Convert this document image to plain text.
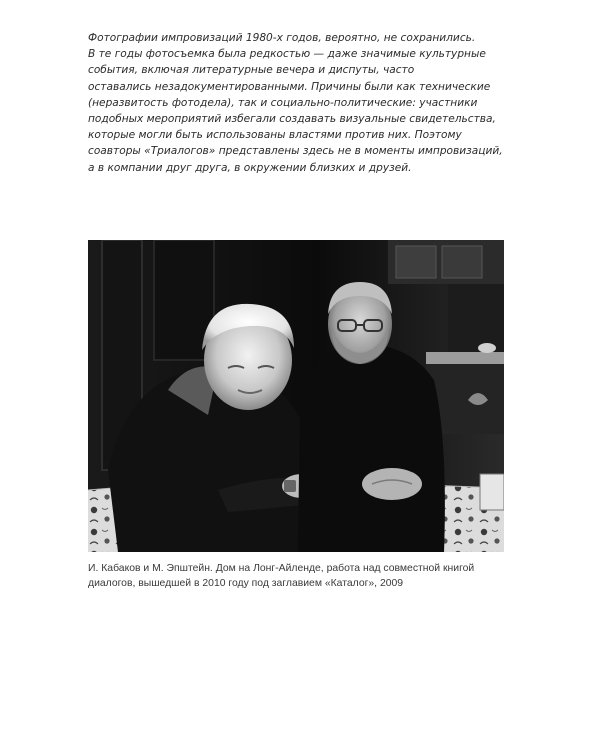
Фотографии импровизаций 1980-х годов, вероятно, не сохранились.
В те годы фотосъемка была редкостью — даже значимые культурные
события, включая литературные вечера и диспуты, часто
оставались незадокументированными. Причины были как технические
(неразвитость фотодела), так и социально-политические: участники
подобных мероприятий избегали создавать визуальные свидетельства,
которые могли быть использованы властями против них. Поэтому
соавторы «Триалогов» представлены здесь не в моменты импровизаций,
а в компании друг друга, в окружении близких и друзей.
И. Кабаков и М. Эпштейн. Дом на Лонг-Айленде, работа над совместной книгой
диалогов, вышедшей в 2010 году под заглавием «Каталог», 2009
